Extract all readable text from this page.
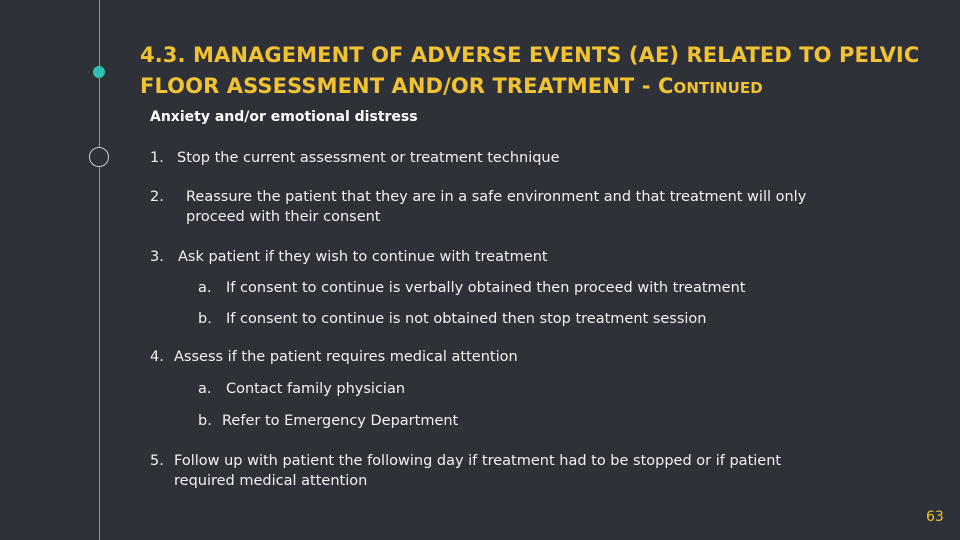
4.3. MANAGEMENT OF ADVERSE EVENTS (AE) RELATED TO PELVIC FLOOR ASSESSMENT AND/OR TREATMENT - Continued
Anxiety and/or emotional distress
1. Stop the current assessment or treatment technique
2. Reassure the patient that they are in a safe environment and that treatment will only proceed with their consent
3. Ask patient if they wish to continue with treatment
a. If consent to continue is verbally obtained then proceed with treatment
b. If consent to continue is not obtained then stop treatment session
4. Assess if the patient requires medical attention
a. Contact family physician
b. Refer to Emergency Department
5. Follow up with patient the following day if treatment had to be stopped or if patient required medical attention
63
